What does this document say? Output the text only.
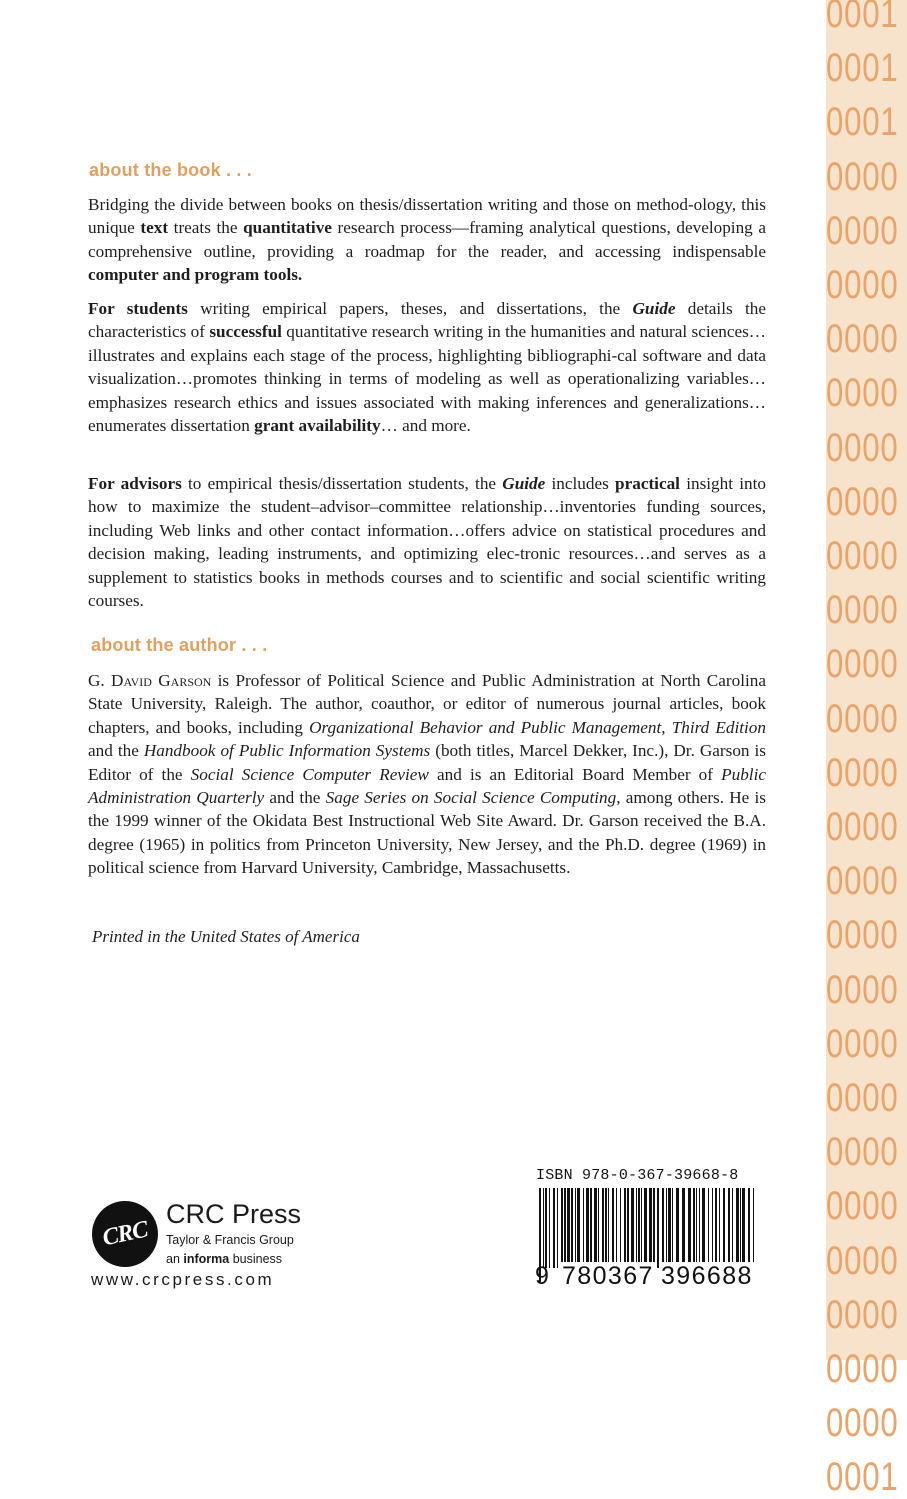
0001
0001
0001
0000
0000
0000
0000
0000
0000
0000
0000
0000
0000
0000
0000
0000
0000
0000
0000
0000
0000
0000
0000
0000
0000
0000
0000
0001
about the book . . .
Bridging the divide between books on thesis/dissertation writing and those on method-ology, this unique text treats the quantitative research process—framing analytical questions, developing a comprehensive outline, providing a roadmap for the reader, and accessing indispensable computer and program tools.
For students writing empirical papers, theses, and dissertations, the Guide details the characteristics of successful quantitative research writing in the humanities and natural sciences…illustrates and explains each stage of the process, highlighting bibliographi-cal software and data visualization…promotes thinking in terms of modeling as well as operationalizing variables…emphasizes research ethics and issues associated with making inferences and generalizations…enumerates dissertation grant availability… and more.
For advisors to empirical thesis/dissertation students, the Guide includes practical insight into how to maximize the student–advisor–committee relationship…inventories funding sources, including Web links and other contact information…offers advice on statistical procedures and decision making, leading instruments, and optimizing elec-tronic resources…and serves as a supplement to statistics books in methods courses and to scientific and social scientific writing courses.
about the author . . .
G. David Garson is Professor of Political Science and Public Administration at North Carolina State University, Raleigh. The author, coauthor, or editor of numerous journal articles, book chapters, and books, including Organizational Behavior and Public Management, Third Edition and the Handbook of Public Information Systems (both titles, Marcel Dekker, Inc.), Dr. Garson is Editor of the Social Science Computer Review and is an Editorial Board Member of Public Administration Quarterly and the Sage Series on Social Science Computing, among others. He is the 1999 winner of the Okidata Best Instructional Web Site Award. Dr. Garson received the B.A. degree (1965) in politics from Princeton University, New Jersey, and the Ph.D. degree (1969) in political science from Harvard University, Cambridge, Massachusetts.
Printed in the United States of America
CRC
CRC Press
Taylor & Francis Group
an informa business
www.crcpress.com
ISBN 978-0-367-39668-8
9 780367 396688
